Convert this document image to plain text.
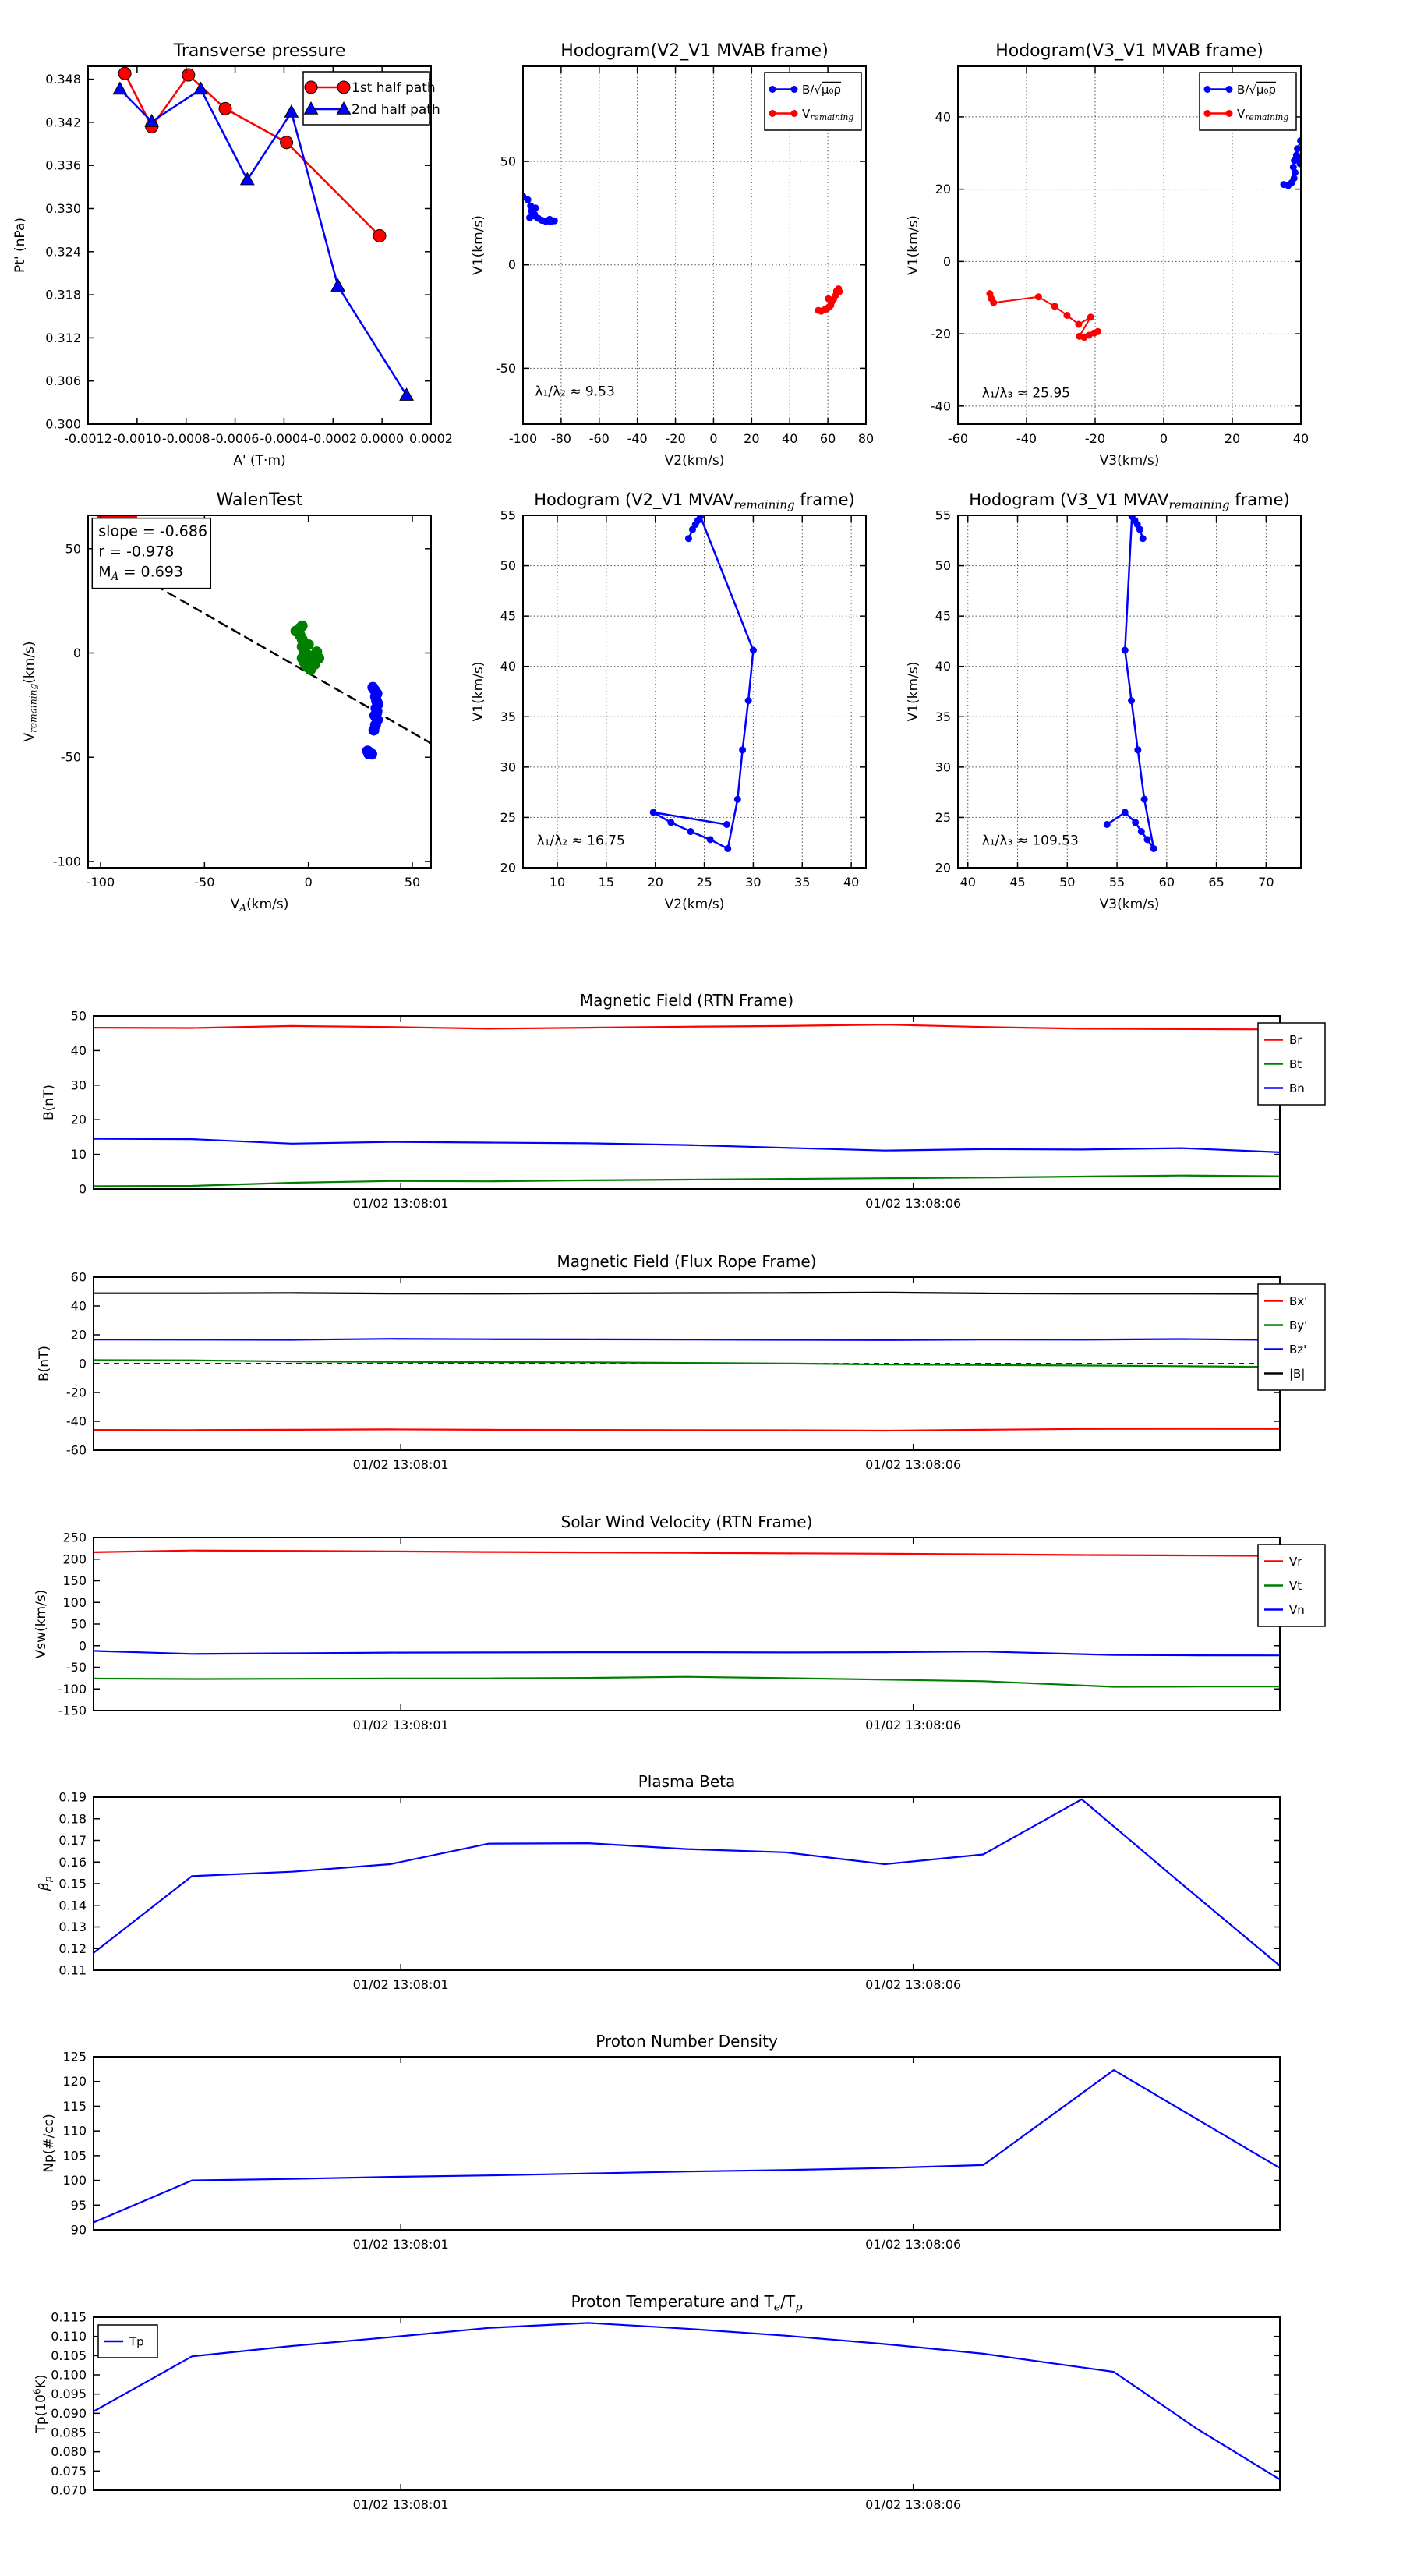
-0.0012 -0.0010 -0.0008 -0.0006 -0.0004 -0.0002 0.0000 0.0002
0.300
0.306
0.312
0.318
0.324
0.330
0.336
0.342
0.348
Transverse pressure
A' (T·m)
Pt' (nPa)
1st half path
2nd half path
-100 -80 -60 -40 -20 0 20 40 60 80
-50
0
50
Hodogram(V2_V1 MVAB frame)
V2(km/s)
V1(km/s)
B/√μ₀ρ
$V_{remaining}$
λ₁/λ₂ ≈ 9.53
-60	-40	-20	0	20	40
-40
-20
0
20
40
Hodogram(V3_V1 MVAB frame)
V3(km/s)
V1(km/s)
B/√μ₀ρ
$V_{remaining}$
λ₁/λ₃ ≈ 25.95
-100	-50	0	50
-100
-50
0
50
WalenTest
$V_A(km/s)$
$V_{remaining}(km/s)$
slope = -0.686
r = -0.978
$M_A = 0.693$
10	15	20	25	30	35	40
20
25
30
35
40
45
50
55
Hodogram (V2_V1 $MVAV_{remaining}$ frame)
V2(km/s)
V1(km/s)
λ₁/λ₂ ≈ 16.75
40	45	50	55	60	65	70
20
25
30
35
40
45
50
55
Hodogram (V3_V1 $MVAV_{remaining}$ frame)
V3(km/s)
V1(km/s)
λ₁/λ₃ ≈ 109.53
01/02 13:08:01	01/02 13:08:06
0
10
20
30
40
50
Magnetic Field (RTN Frame)
B(nT)
Br
Bt
Bn
01/02 13:08:01	01/02 13:08:06
-60
-40
-20
0
20
40
60
Magnetic Field (Flux Rope Frame)
B(nT)
Bx'
By'
Bz'
|B|
01/02 13:08:01	01/02 13:08:06
-150
-100
-50
0
50
100
150
200
250
Solar Wind Velocity (RTN Frame)
Vsw(km/s)
Vr
Vt
Vn
01/02 13:08:01	01/02 13:08:06
0.11
0.12
0.13
0.14
0.15
0.16
0.17
0.18
0.19
Plasma Beta
$\beta_p$
01/02 13:08:01	01/02 13:08:06
90
95
100
105
110
115
120
125
Proton Number Density
Np(#/cc)
01/02 13:08:01	01/02 13:08:06
0.070
0.075
0.080
0.085
0.090
0.095
0.100
0.105
0.110
0.115
Proton Temperature and $T_e/T_p$
$Tp(10^6K)$
Tp
